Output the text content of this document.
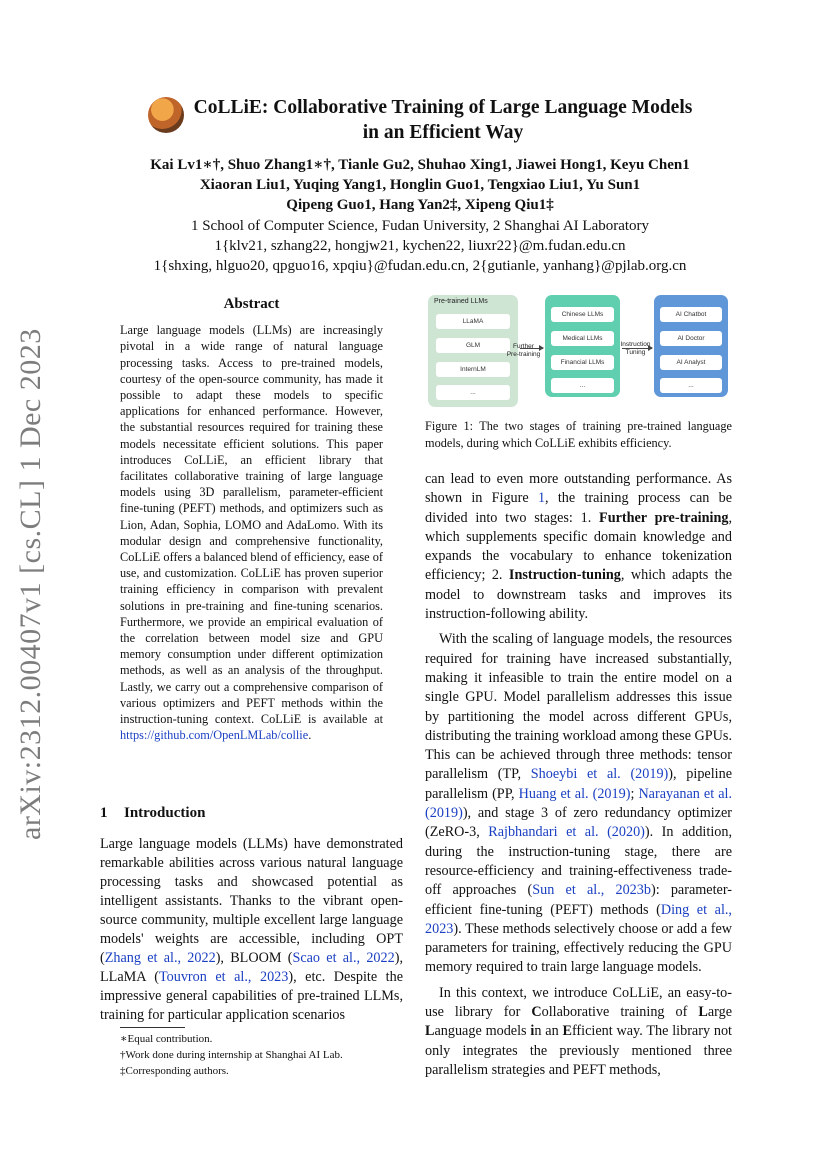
arXiv:2312.00407v1 [cs.CL] 1 Dec 2023
CoLLiE: Collaborative Training of Large Language Models
in an Efficient Way
Kai Lv1∗†, Shuo Zhang1∗†, Tianle Gu2, Shuhao Xing1, Jiawei Hong1, Keyu Chen1
Xiaoran Liu1, Yuqing Yang1, Honglin Guo1, Tengxiao Liu1, Yu Sun1
Qipeng Guo1, Hang Yan2‡, Xipeng Qiu1‡
1 School of Computer Science, Fudan University, 2 Shanghai AI Laboratory
1{klv21, szhang22, hongjw21, kychen22, liuxr22}@m.fudan.edu.cn
1{shxing, hlguo20, qpguo16, xpqiu}@fudan.edu.cn, 2{gutianle, yanhang}@pjlab.org.cn
Abstract
Large language models (LLMs) are increasingly pivotal in a wide range of natural language processing tasks. Access to pre-trained models, courtesy of the open-source community, has made it possible to adapt these models to specific applications for enhanced performance. However, the substantial resources required for training these models necessitate efficient solutions. This paper introduces CoLLiE, an efficient library that facilitates collaborative training of large language models using 3D parallelism, parameter-efficient fine-tuning (PEFT) methods, and optimizers such as Lion, Adan, Sophia, LOMO and AdaLomo. With its modular design and comprehensive functionality, CoLLiE offers a balanced blend of efficiency, ease of use, and customization. CoLLiE has proven superior training efficiency in comparison with prevalent solutions in pre-training and fine-tuning scenarios. Furthermore, we provide an empirical evaluation of the correlation between model size and GPU memory consumption under different optimization methods, as well as an analysis of the throughput. Lastly, we carry out a comprehensive comparison of various optimizers and PEFT methods within the instruction-tuning context. CoLLiE is available at https://github.com/OpenLMLab/collie.
1 Introduction
Large language models (LLMs) have demonstrated remarkable abilities across various natural language processing tasks and showcased potential as intelligent assistants. Thanks to the vibrant open-source community, multiple excellent large language models' weights are accessible, including OPT (Zhang et al., 2022), BLOOM (Scao et al., 2022), LLaMA (Touvron et al., 2023), etc. Despite the impressive general capabilities of pre-trained LLMs, training for particular application scenarios
∗Equal contribution.
†Work done during internship at Shanghai AI Lab.
‡Corresponding authors.
Pre-trained LLMs
LLaMA
GLM
InternLM
...
Further
Pre-training
Chinese LLMs
Medical LLMs
Financial LLMs
...
Instruction
Tuning
AI Chatbot
AI Doctor
AI Analyst
...
Figure 1: The two stages of training pre-trained language models, during which CoLLiE exhibits efficiency.

can lead to even more outstanding performance. As shown in Figure 1, the training process can be divided into two stages: 1. Further pre-training, which supplements specific domain knowledge and expands the vocabulary to enhance tokenization efficiency; 2. Instruction-tuning, which adapts the model to downstream tasks and improves its instruction-following ability.

With the scaling of language models, the resources required for training have increased substantially, making it infeasible to train the entire model on a single GPU. Model parallelism addresses this issue by partitioning the model across different GPUs, distributing the training workload among these GPUs. This can be achieved through three methods: tensor parallelism (TP, Shoeybi et al. (2019)), pipeline parallelism (PP, Huang et al. (2019); Narayanan et al. (2019)), and stage 3 of zero redundancy optimizer (ZeRO-3, Rajbhandari et al. (2020)). In addition, during the instruction-tuning stage, there are resource-efficiency and training-effectiveness trade-off approaches (Sun et al., 2023b): parameter-efficient fine-tuning (PEFT) methods (Ding et al., 2023). These methods selectively choose or add a few parameters for training, effectively reducing the GPU memory required to train large language models.

In this context, we introduce CoLLiE, an easy-to-use library for Collaborative training of Large Language models in an Efficient way. The library not only integrates the previously mentioned three parallelism strategies and PEFT methods,
